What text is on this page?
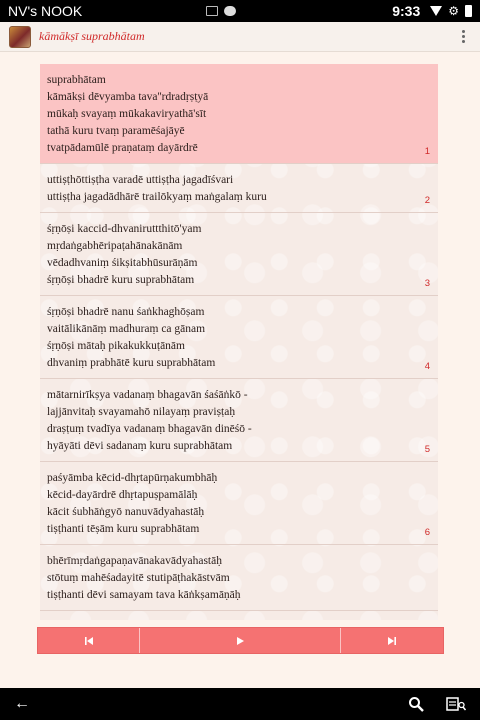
NV's NOOK	9:33 ⚙
kāmākṣī suprabhātam
suprabhātam
kāmākṣi dēvyamba tava''rdradṛṣṭyā
mūkaḥ svayaṃ mūkakaviryathā'sīt
tathā kuru tvaṃ paramēśajāyē
tvatpādamūlē praṇataṃ dayārdrē	1
uttiṣṭhōttiṣṭha varadē uttiṣṭha jagadīśvari
uttiṣṭha jagadādhārē trailōkyaṃ maṅgalaṃ kuru	2
śṛṇōṣi kaccid-dhvaniruttthitō'yam
mṛdaṅgabhēripaṭahānakānām
vēdadhvaniṃ śikṣitabhūsurāṇām
śṛṇōṣi bhadrē kuru suprabhātam	3
śṛṇōṣi bhadrē nanu śaṅkhaghōṣam
vaitālikānāṃ madhuraṃ ca gānam
śṛṇōṣi mātaḥ pikakukkuṭānām
dhvaniṃ prabhātē kuru suprabhātam	4
mātarnirīkṣya vadanaṃ bhagavān śaśāṅkō -
lajjānvitaḥ svayamahō nilayaṃ praviṣṭaḥ
draṣṭuṃ tvadīya vadanaṃ bhagavān dinēśō -
hyāyāti dēvi sadanaṃ kuru suprabhātam	5
paśyāmba kēcid-dhṛtapūrṇakumbhāḥ
kēcid-dayārdrē dhṛtapuṣpamālāḥ
kācit śubhāṅgyō nanuvādyahastāḥ
tiṣṭhanti tēṣām kuru suprabhātam	6
bhērīmṛdaṅgapaṇavānakavādyahastāḥ
stōtuṃ mahēśadayitē stutipāṭhakāstvām
tiṣṭhanti dēvi samayam tava kāṅkṣamāṇāḥ
←
